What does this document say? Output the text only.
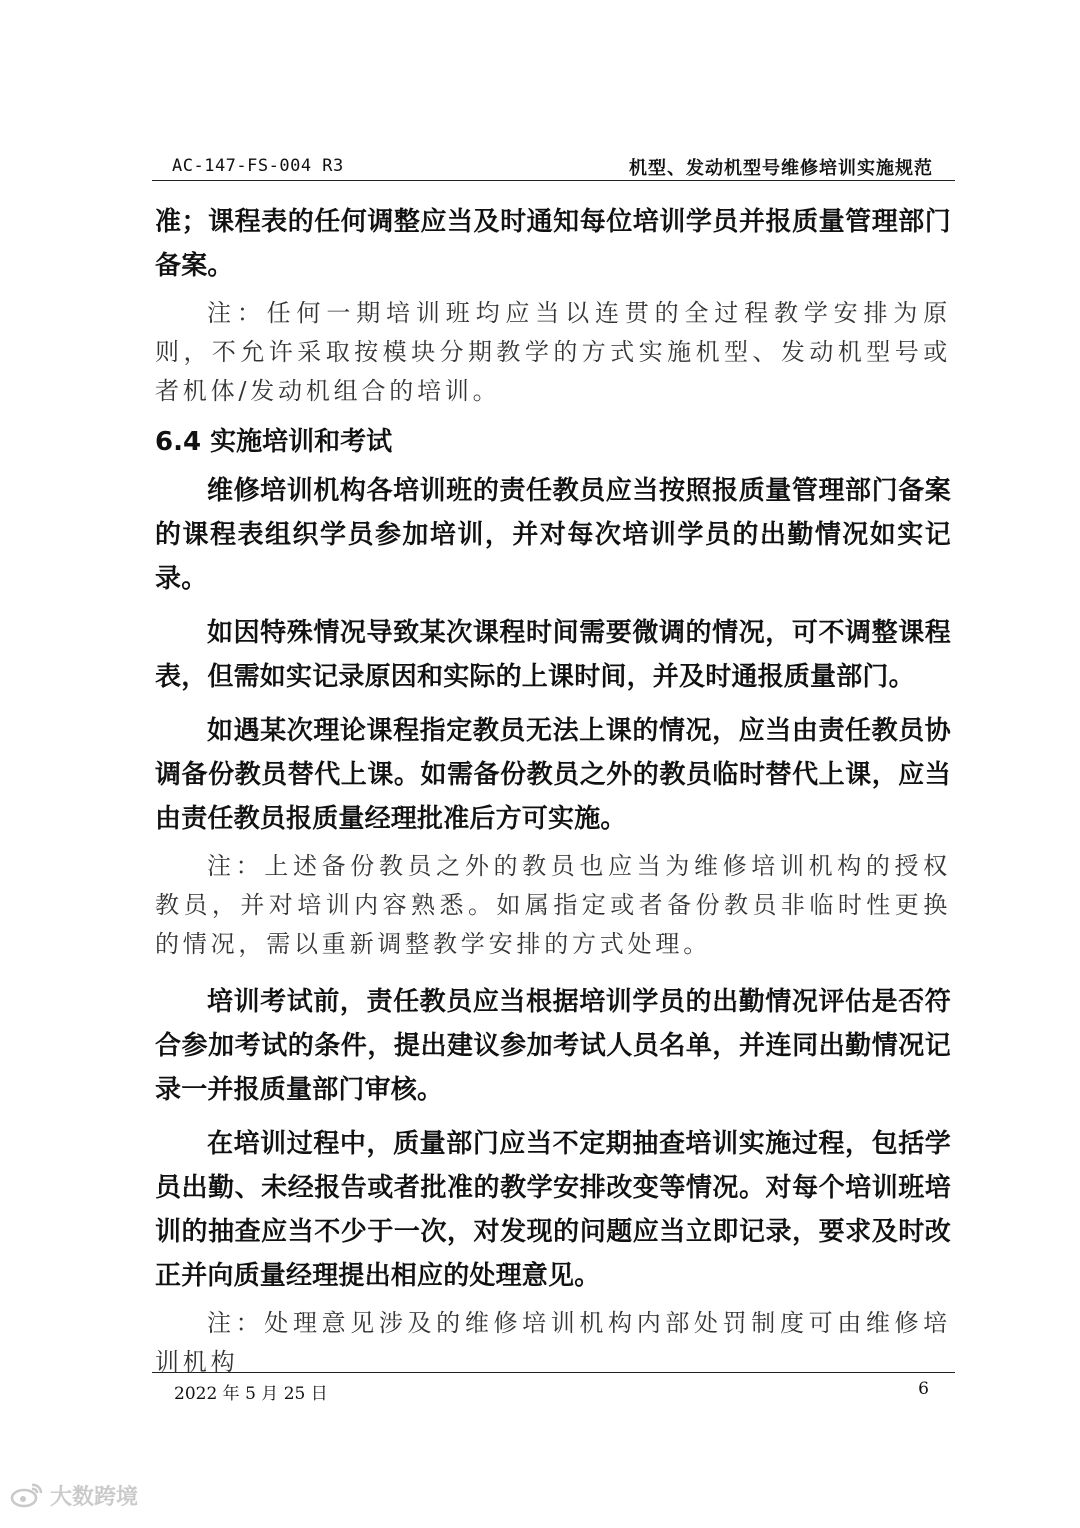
AC-147-FS-004 R3	机型、发动机型号维修培训实施规范

准；课程表的任何调整应当及时通知每位培训学员并报质量管理部门备案。

注：任何一期培训班均应当以连贯的全过程教学安排为原则，不允许采取按模块分期教学的方式实施机型、发动机型号或者机体/发动机组合的培训。

6.4 实施培训和考试

维修培训机构各培训班的责任教员应当按照报质量管理部门备案的课程表组织学员参加培训，并对每次培训学员的出勤情况如实记录。

如因特殊情况导致某次课程时间需要微调的情况，可不调整课程表，但需如实记录原因和实际的上课时间，并及时通报质量部门。

如遇某次理论课程指定教员无法上课的情况，应当由责任教员协调备份教员替代上课。如需备份教员之外的教员临时替代上课，应当由责任教员报质量经理批准后方可实施。

注：上述备份教员之外的教员也应当为维修培训机构的授权教员，并对培训内容熟悉。如属指定或者备份教员非临时性更换的情况，需以重新调整教学安排的方式处理。

培训考试前，责任教员应当根据培训学员的出勤情况评估是否符合参加考试的条件，提出建议参加考试人员名单，并连同出勤情况记录一并报质量部门审核。

在培训过程中，质量部门应当不定期抽查培训实施过程，包括学员出勤、未经报告或者批准的教学安排改变等情况。对每个培训班培训的抽查应当不少于一次，对发现的问题应当立即记录，要求及时改正并向质量经理提出相应的处理意见。

注：处理意见涉及的维修培训机构内部处罚制度可由维修培训机构

2022 年 5 月 25 日	6
大数跨境
